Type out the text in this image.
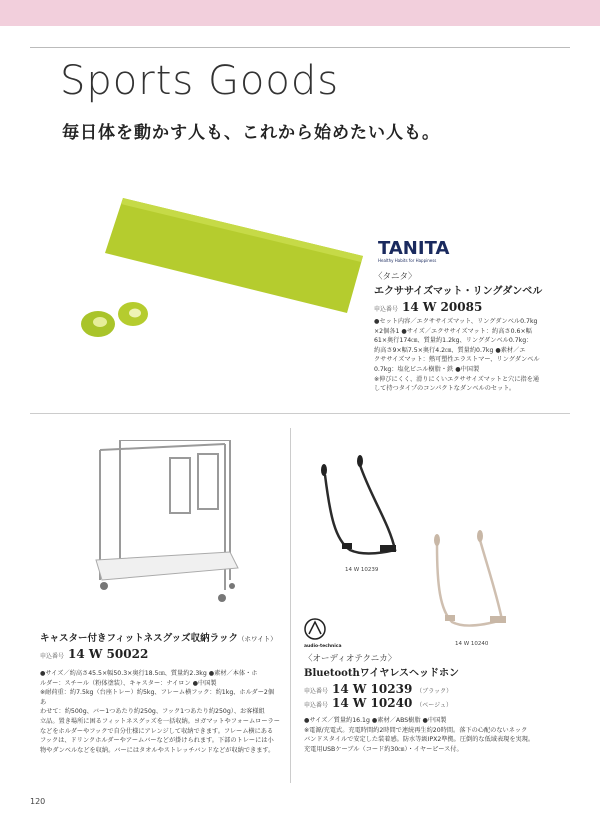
Sports Goods
毎日体を動かす人も、これから始めたい人も。
TANITA
Healthy Habits for Happiness
〈タニタ〉
エクササイズマット・リングダンベル
申込番号 14 W 20085
●セット内容／エクササイズマット、リングダンベル0.7kg
×2個各1 ●サイズ／エクササイズマット：約高さ0.6×幅
61×奥行174㎝、質量約1.2kg、リングダンベル0.7kg：
約高さ9×幅7.5×奥行4.2㎝、質量約0.7kg ●素材／エ
クササイズマット：熱可塑性エラストマー、リングダンベル
0.7kg：塩化ビニル樹脂・鉄 ●中国製
※伸びにくく、滑りにくいエクササイズマットと穴に指を通
して持つタイプのコンパクトなダンベルのセット。
キャスター付きフィットネスグッズ収納ラック（ホワイト）
申込番号 14 W 50022
●サイズ／約高さ45.5×幅50.3×奥行18.5㎝、質量約2.3kg ●素材／本体・ホ
ルダー：スチール（粉体塗装）、キャスター：ナイロン ●中国製
※耐荷重：約7.5kg（台座トレー）約5kg、フレーム横フック：約1kg、ホルダー2個あ
わせて：約500g、バー1つあたり約250g、フック1つあたり約250g）、お客様組
立品。置き場所に困るフィットネスグッズを一括収納。ヨガマットやフォームローラー
などをホルダーやフックで自分仕様にアレンジして収納できます。フレーム横にある
フックは、ドリンクホルダーやアームバーなどが掛けられます。下部のトレーには小
物やダンベルなどを収納。バーにはタオルやストレッチバンドなどが収納できます。
14 W 10239
14 W 10240
audio-technica
〈オーディオテクニカ〉
Bluetoothワイヤレスヘッドホン
申込番号 14 W 10239 （ブラック）
申込番号 14 W 10240 （ベージュ）
●サイズ／質量約16.1g ●素材／ABS樹脂 ●中国製
※電源/充電式。充電時間約2時間で連続再生約20時間。落下の心配のないネック
バンドスタイルで安定した装着感。防水等級IPX2準拠。圧倒的な低域表現を実現。
充電用USBケーブル（コード約30㎝）・イヤーピース付。
120
